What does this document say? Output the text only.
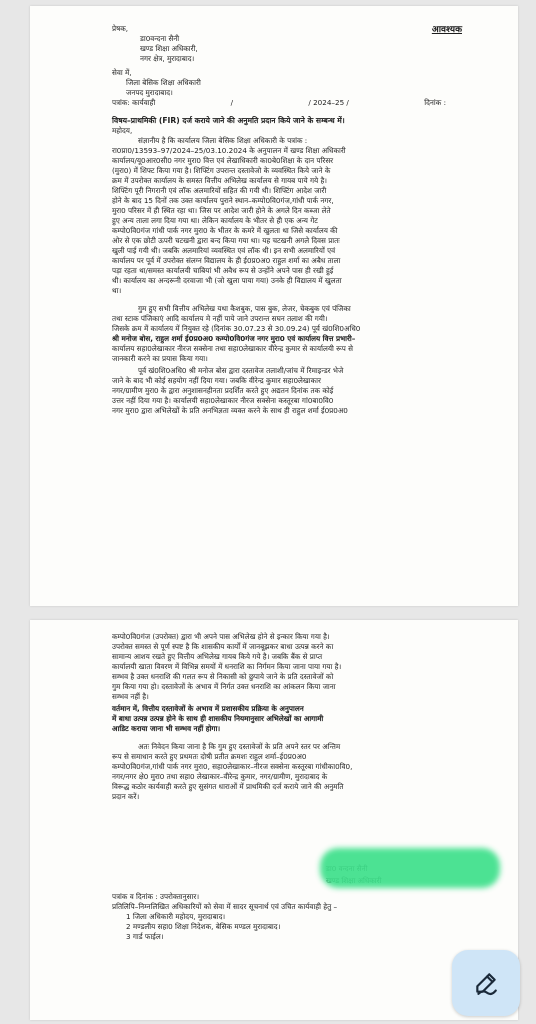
आवश्यक
प्रेषक,
डा0वन्दना सैनी
खण्ड शिक्षा अधिकारी,
नगर क्षेत्र, मुरादाबाद।
सेवा में,
जिला बेसिक शिक्षा अधिकारी
जनपद मुरादाबाद।
पत्रांक: कार्यवाही	/	/ 2024–25 /	दिनांक :
विषय–प्राथमिकी (FIR) दर्ज कराये जाने की अनुमति प्रदान किये जाने के सम्बन्ध में।
महोदय,
संज्ञानीय है कि कार्यालय जिला बेसिक शिक्षा अधिकारी के पत्रांक :
रा0प्रा0/13593–97/2024–25/03.10.2024 के अनुपालन में खण्ड शिक्षा अधिकारी
कार्यालय/यू0आर0सी0 नगर मुरा0 वित्त एवं लेखाधिकारी का0बे0शिक्षा के दान परिसर
(मुरा0) में शिफ्ट किया गया है। शिफ्टिंग उपरान्त दस्तावेजो के व्यवस्थित किये जाने के
क्रम में उपरोक्त कार्यालय के समस्त वित्तीय अभिलेख कार्यालय से गायब पाये गये है।
शिफ्टिंग पूरी निगरानी एवं लॉक अलमारियों सहित की गयी थी। शिफ्टिंग आदेश जारी
होने के बाद 15 दिनों तक उक्त कार्यालय पुराने स्थान–कम्पो0वि0गंज,गांधी पार्क नगर,
मुरा0 परिसर में ही स्थित रहा था। जिस पर आदेश जारी होने के अगले दिन कब्जा लेते
हुए अन्य ताला लगा दिया गया था। लेकिन कार्यालय के भीतर से ही एक अन्य गेट
कम्पो0वि0गंज गांधी पार्क नगर मुरा0 के भीतर के कमरे में खुलता था जिसे कार्यालय की
ओर से एक छोटी ऊपरी चटखनी द्वारा बन्द किया गया था। यह चटखनी अगले दिवस प्रातः
खुली पाई गयी थी। जबकि अलमारियां व्यवस्थित एवं लॉक थी। इन सभी अलमारियों एवं
कार्यालय पर पूर्व में उपरोक्त संलग्न विद्यालय के ही ई0प्र0अ0 राहुल शर्मा का अबैध ताला
पड़ा रहता था/समस्त कार्यालयी चाबियां भी अवैध रूप से उन्होंने अपने पास ही रखी हुई
थी। कार्यालय का अन्दरूनी दरवाजा भी (जो खुला पाया गया) उनके ही विद्यालय में खुलता
था।
गुम हुए सभी वित्तीय अभिलेख यथा कैशबुक, पास बुक, लेजर, चेकबुक एवं पंजिका
तथा स्टाक पंजिकाएं आदि कार्यालय मे नहीं पाये जाने उपरान्त सघन तलाश की गयी।
जिसके क्रम में कार्यालय में नियुक्त रहे (दिनांक 30.07.23 से 30.09.24) पूर्व खं0शि0अधि0
श्री मनोज बोस, राहुल शर्मा ई0प्र0अ0 कम्पो0वि0गंज नगर मुरा0 एवं कार्यालय वित्त प्रभारी–
कार्यालय सहा0लेखाकार नीरज सक्सेना तथा सहा0लेखाकार वीरेन्द्र कुमार से कार्यालयी रूप से
जानकारी करने का प्रयास किया गया।
पूर्व खं0शि0अधि0 श्री मनोज बोस द्वारा दस्तावेज तलाशी/जांच में रिमाइन्डर भेजे
जाने के बाद भी कोई सहयोग नहीं दिया गया। जबकि वीरेन्द्र कुमार सहा0लेखाकार
नगर/ग्रामीण मुरा0 के द्वारा अनुशासनहीनता प्रदर्शित करते हुए अद्यतन दिनांक तक कोई
उत्तर नहीं दिया गया है। कार्यालयी सहा0लेखाकार नीरज सक्सेना कस्तूरबा गां0बा0वि0
नगर मुरा0 द्वारा अभिलेखों के प्रति अनभिज्ञता व्यक्त करने के साथ ही राहुल शर्मा ई0प्र0अ0
कम्पो0वि0गंज (उपरोक्त) द्वारा भी अपने पास अभिलेख होने से इन्कार किया गया है।
उपरोक्त समस्त से पूर्ण स्पष्ट है कि शासकीय कार्यों में जानबूझकर बाधा उत्पन्न करने का
सामान्य आशय रखते हुए वित्तीय अभिलेख गायब किये गये है। जबकि बैंक से प्राप्त
कार्यालयी खाता विवरण में विभिन्न समयों में धनराशि का निर्गमन किया जाना पाया गया है।
सम्भव है उक्त धनराशि की गलत रूप से निकासी को छुपाये जाने के प्रति दस्तावेजों को
गुम किया गया हो। दस्तावेजों के अभाव में निर्गत उक्त धनराशि का आंकलन किया जाना
सम्भव नहीं है।
वर्तमान में, वित्तीय दस्तावेजों के अभाव में प्रशासकीय प्रक्रिया के अनुपालन
में बाधा उत्पन्न उत्पन्न होने के साथ ही शासकीय नियमानुसार अभिलेखों का आगामी
आडिट कराया जाना भी सम्भव नहीं होगा।
अतः निवेदन किया जाना है कि गुम हुए दस्तावेजों के प्रति अपने स्तर पर अन्तिम
रूप से समाधान करते हुए प्रथमतः दोषी प्रतीत क्रमशः राहुल शर्मा–ई0प्र0अ0
कम्पो0वि0गंज,गांधी पार्क नगर मुरा0, सहा0लेखाकार–नीरज सक्सेना कस्तूरबा गांधीका0वि0,
नगर/नगर क्षे0 मुरा0 तथा सहा0 लेखाकार–वीरेन्द्र कुमार, नगर/ग्रामीण, मुरादाबाद के
विरूद्ध कठोर कार्यवाही करते हुए सुसंगत धाराओं में प्राथमिकी दर्ज कराये जाने की अनुमति
प्रदान करें।
पत्रांक व दिनांक : उपरोक्तानुसार।
प्रतिलिपि–निम्नलिखित अधिकारियों को सेवा में सादर सूचनार्थ एवं उचित कार्यवाही हेतु –
1 जिला अधिकारी महोदय, मुरादाबाद।
2 मण्डलीय सहा0 शिक्षा निदेशक, बेसिक मण्डल मुरादाबाद।
3 गार्ड फाईल।
